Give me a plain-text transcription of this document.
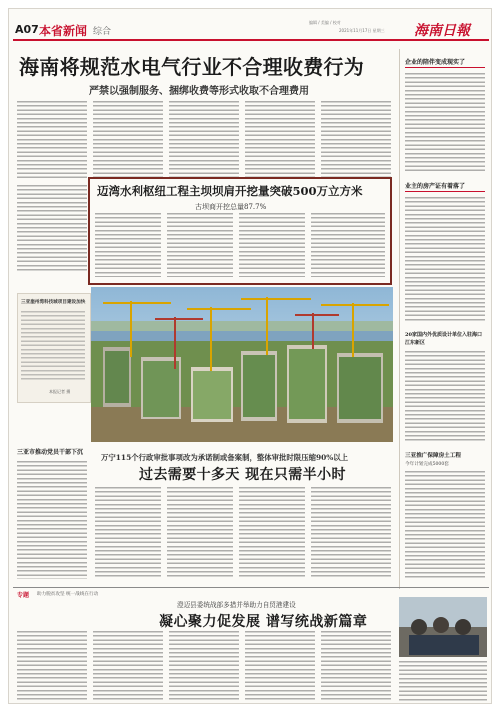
A07 本省新闻 综合
编辑 / 美编 / 校对
2021年11月17日 星期三 海南日報
海南将规范水电气行业不合理收费行为
严禁以强制服务、捆绑收费等形式收取不合理费用
迈湾水利枢纽工程主坝坝肩开挖量突破500万立方米
古坝商开挖总量87.7%
三亚崖州湾科技城项目建设加快
本报记者 摄
三亚市推动党员干部下沉
万宁115个行政审批事项改为承诺制或备案制，整体审批时限压缩90%以上
过去需要十多天 现在只需半小时
企业的陪伴变成现实了
业主的房产证有着落了
20家国内外优质设计单位入驻海口江东新区
三亚推广保障房土工程
今年计划完成5000套
专题 助力脱贫攻坚 统一战线在行动
澄迈县委统战部多措并举助力自贸港建设
凝心聚力促发展 谱写统战新篇章
